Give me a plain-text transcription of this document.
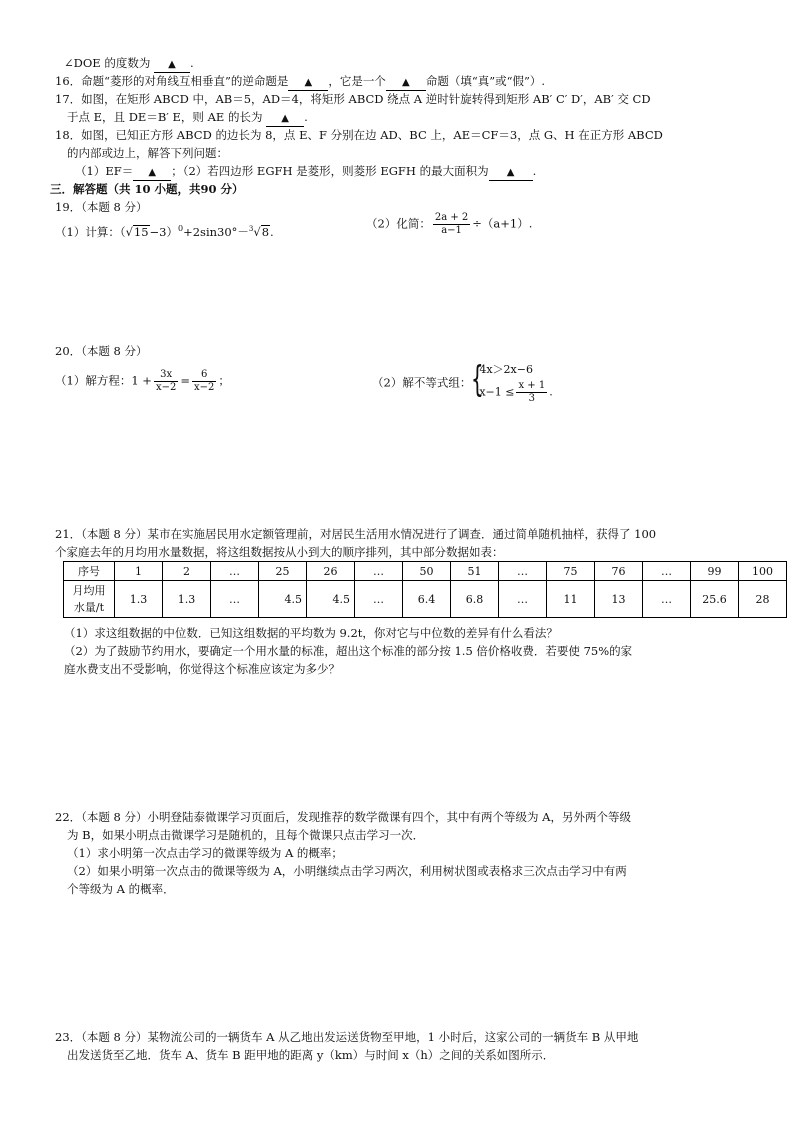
∠DOE 的度数为 ▲ .
16．命题“菱形的对角线互相垂直”的逆命题是 ▲ ，它是一个 ▲ 命题（填“真”或“假”）.
17．如图，在矩形 ABCD 中，AB＝5，AD＝4，将矩形 ABCD 绕点 A 逆时针旋转得到矩形 AB′ C′ D′，AB′ 交 CD
于点 E，且 DE＝B′ E，则 AE 的长为 ▲ .
18．如图，已知正方形 ABCD 的边长为 8，点 E、F 分别在边 AD、BC 上，AE＝CF＝3，点 G、H 在正方形 ABCD
的内部或边上，解答下列问题：
（1）EF＝ ▲ ；（2）若四边形 EGFH 是菱形，则菱形 EGFH 的最大面积为 ▲ .
三．解答题（共 10 小题，共90 分）
19．（本题 8 分）
（1）计算：$(√15-3)^0+2\sin 30^\circ-^3√8$.
（2）化简： $\frac{2a + 2}{a-1} \div(a+1)$.
20．（本题 8 分）
（1）解方程：$1 + \frac{3x}{x-2} = \frac{6}{x-2}$ ；	（2）解不等式组： {
4x＞2x−6
$x-1 \le \frac{x + 1}{3}$ .
21．（本题 8 分）某市在实施居民用水定额管理前，对居民生活用水情况进行了调查．通过简单随机抽样，获得了 100
个家庭去年的月均用水量数据，将这组数据按从小到大的顺序排列，其中部分数据如表：
序号	1	2	…	25	26	…	50	51	…	75	76	…	99	100

月均用
水量/t	1.3	1.3	…	4.5	4.5	…	6.4	6.8	…	11	13	…	25.6	28
（1）求这组数据的中位数．已知这组数据的平均数为 9.2t，你对它与中位数的差异有什么看法？
（2）为了鼓励节约用水，要确定一个用水量的标准，超出这个标准的部分按 1.5 倍价格收费．若要使 75%的家
庭水费支出不受影响，你觉得这个标准应该定为多少？
22．（本题 8 分）小明登陆泰微课学习页面后，发现推荐的数学微课有四个，其中有两个等级为 A，另外两个等级
为 B，如果小明点击微课学习是随机的，且每个微课只点击学习一次．
（1）求小明第一次点击学习的微课等级为 A 的概率；
（2）如果小明第一次点击的微课等级为 A，小明继续点击学习两次，利用树状图或表格求三次点击学习中有两
个等级为 A 的概率．
23．（本题 8 分）某物流公司的一辆货车 A 从乙地出发运送货物至甲地，1 小时后，这家公司的一辆货车 B 从甲地
出发送货至乙地．货车 A、货车 B 距甲地的距离 y（km）与时间 x（h）之间的关系如图所示．
